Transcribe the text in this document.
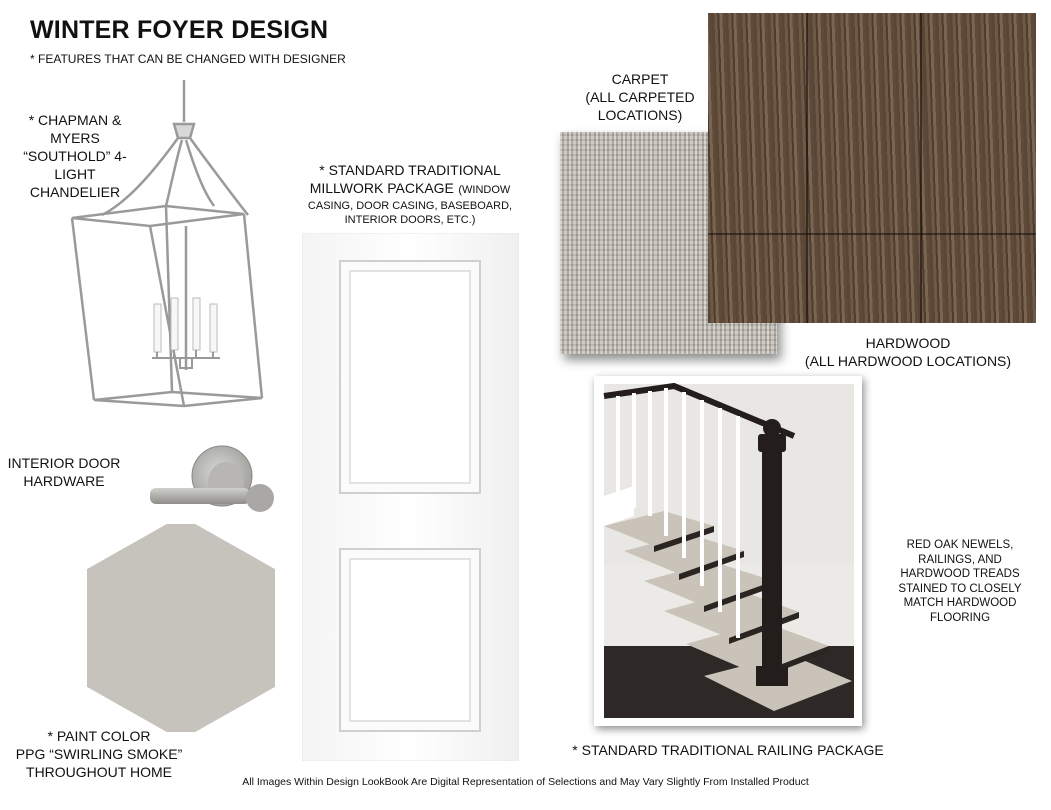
WINTER FOYER DESIGN
* FEATURES THAT CAN BE CHANGED WITH DESIGNER
* CHAPMAN &
MYERS
“SOUTHOLD” 4-
LIGHT
CHANDELIER
* STANDARD TRADITIONAL
MILLWORK PACKAGE (WINDOW
CASING, DOOR CASING, BASEBOARD,
INTERIOR DOORS, ETC.)
CARPET
(ALL CARPETED
LOCATIONS)
HARDWOOD
(ALL HARDWOOD LOCATIONS)
INTERIOR DOOR
HARDWARE
* PAINT COLOR
PPG “SWIRLING SMOKE”
THROUGHOUT HOME
RED OAK NEWELS,
RAILINGS, AND
HARDWOOD TREADS
STAINED TO CLOSELY
MATCH HARDWOOD
FLOORING
* STANDARD TRADITIONAL RAILING PACKAGE
All Images Within Design LookBook Are Digital Representation of Selections and May Vary Slightly From Installed Product
